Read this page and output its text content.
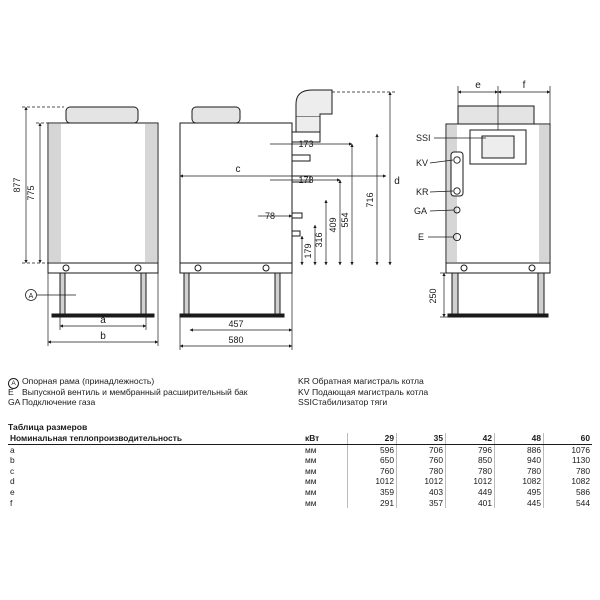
877
775
a
b
A
c
173
173
78
d
716
554
409
316
179
457
580
e	f
250
SSI
KV
KR
GA
E
A Опорная рама (принадлежность)
E Выпускной вентиль и мембранный расширительный бак
GA Подключение газа
KR Обратная магистраль котла
KV Подающая магистраль котла
SSIСтабилизатор тяги
Таблица размеров
Номинальная теплопроизводительность	кВт	29	35	42	48	60
a	мм	596	706	796	886	1076
b	мм	650	760	850	940	1130
c	мм	760	780	780	780	780
d	мм	1012	1012	1012	1082	1082
e	мм	359	403	449	495	586
f	мм	291	357	401	445	544
